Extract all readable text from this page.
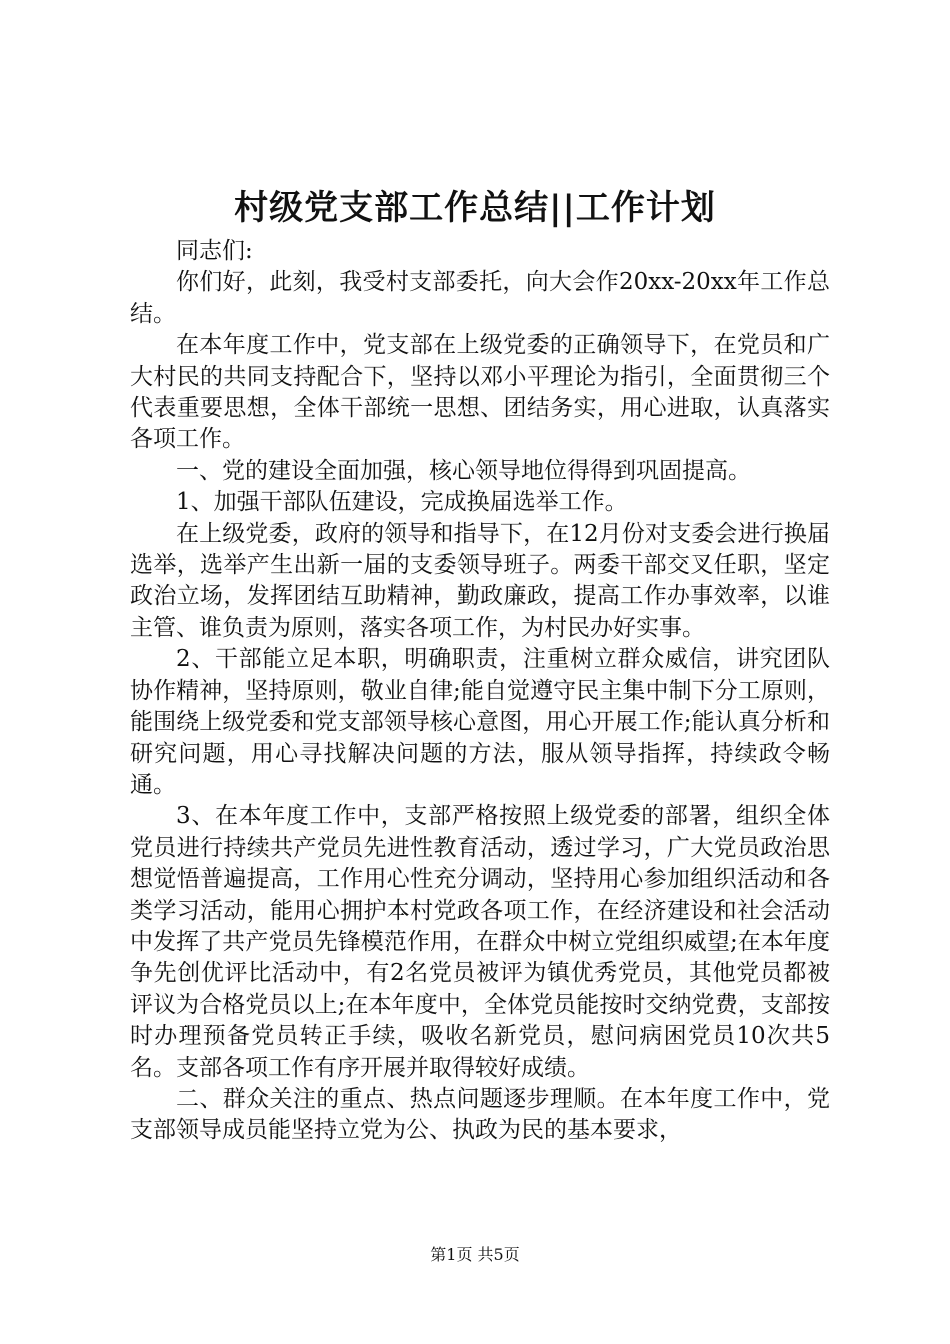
村级党支部工作总结||工作计划

同志们:

你们好，此刻，我受村支部委托，向大会作20xx-20xx年工作总结。

在本年度工作中，党支部在上级党委的正确领导下，在党员和广大村民的共同支持配合下，坚持以邓小平理论为指引，全面贯彻三个代表重要思想，全体干部统一思想、团结务实，用心进取，认真落实各项工作。

一、党的建设全面加强，核心领导地位得得到巩固提高。

1、加强干部队伍建设，完成换届选举工作。

在上级党委，政府的领导和指导下，在12月份对支委会进行换届选举，选举产生出新一届的支委领导班子。两委干部交叉任职，坚定政治立场，发挥团结互助精神，勤政廉政，提高工作办事效率，以谁主管、谁负责为原则，落实各项工作，为村民办好实事。

2、干部能立足本职，明确职责，注重树立群众威信，讲究团队协作精神，坚持原则，敬业自律;能自觉遵守民主集中制下分工原则，能围绕上级党委和党支部领导核心意图，用心开展工作;能认真分析和研究问题，用心寻找解决问题的方法，服从领导指挥，持续政令畅通。

3、在本年度工作中，支部严格按照上级党委的部署，组织全体党员进行持续共产党员先进性教育活动，透过学习，广大党员政治思想觉悟普遍提高，工作用心性充分调动，坚持用心参加组织活动和各类学习活动，能用心拥护本村党政各项工作，在经济建设和社会活动中发挥了共产党员先锋模范作用，在群众中树立党组织威望;在本年度争先创优评比活动中，有2名党员被评为镇优秀党员，其他党员都被评议为合格党员以上;在本年度中，全体党员能按时交纳党费，支部按时办理预备党员转正手续，吸收名新党员，慰问病困党员10次共5名。支部各项工作有序开展并取得较好成绩。

二、群众关注的重点、热点问题逐步理顺。在本年度工作中，党支部领导成员能坚持立党为公、执政为民的基本要求，

第1页 共5页
